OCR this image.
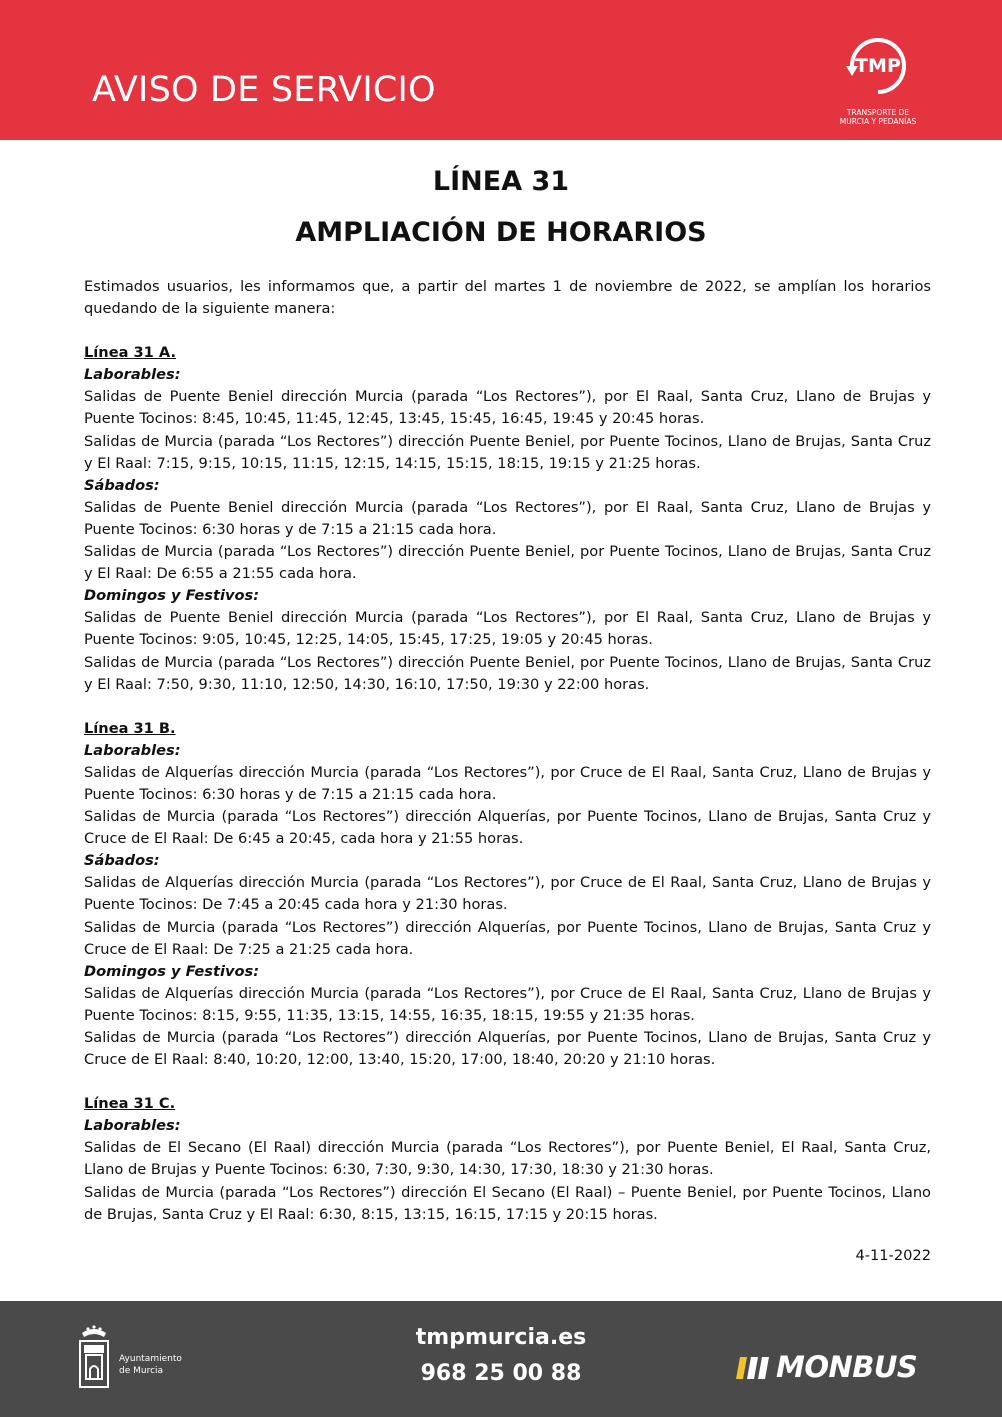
AVISO DE SERVICIO
TMP
TRANSPORTE DE
MURCIA Y PEDANÍAS
LÍNEA 31
AMPLIACIÓN DE HORARIOS

Estimados usuarios, les informamos que, a partir del martes 1 de noviembre de 2022, se amplían los horarios quedando de la siguiente manera:

Línea 31 A.

Laborables:

Salidas de Puente Beniel dirección Murcia (parada “Los Rectores”), por El Raal, Santa Cruz, Llano de Brujas y Puente Tocinos: 8:45, 10:45, 11:45, 12:45, 13:45, 15:45, 16:45, 19:45 y 20:45 horas.

Salidas de Murcia (parada “Los Rectores”) dirección Puente Beniel, por Puente Tocinos, Llano de Brujas, Santa Cruz y El Raal: 7:15, 9:15, 10:15, 11:15, 12:15, 14:15, 15:15, 18:15, 19:15 y 21:25 horas.

Sábados:

Salidas de Puente Beniel dirección Murcia (parada “Los Rectores”), por El Raal, Santa Cruz, Llano de Brujas y Puente Tocinos: 6:30 horas y de 7:15 a 21:15 cada hora.

Salidas de Murcia (parada “Los Rectores”) dirección Puente Beniel, por Puente Tocinos, Llano de Brujas, Santa Cruz y El Raal: De 6:55 a 21:55 cada hora.

Domingos y Festivos:

Salidas de Puente Beniel dirección Murcia (parada “Los Rectores”), por El Raal, Santa Cruz, Llano de Brujas y Puente Tocinos: 9:05, 10:45, 12:25, 14:05, 15:45, 17:25, 19:05 y 20:45 horas.

Salidas de Murcia (parada “Los Rectores”) dirección Puente Beniel, por Puente Tocinos, Llano de Brujas, Santa Cruz y El Raal: 7:50, 9:30, 11:10, 12:50, 14:30, 16:10, 17:50, 19:30 y 22:00 horas.

Línea 31 B.

Laborables:

Salidas de Alquerías dirección Murcia (parada “Los Rectores”), por Cruce de El Raal, Santa Cruz, Llano de Brujas y Puente Tocinos: 6:30 horas y de 7:15 a 21:15 cada hora.

Salidas de Murcia (parada “Los Rectores”) dirección Alquerías, por Puente Tocinos, Llano de Brujas, Santa Cruz y Cruce de El Raal: De 6:45 a 20:45, cada hora y 21:55 horas.

Sábados:

Salidas de Alquerías dirección Murcia (parada “Los Rectores”), por Cruce de El Raal, Santa Cruz, Llano de Brujas y Puente Tocinos: De 7:45 a 20:45 cada hora y 21:30 horas.

Salidas de Murcia (parada “Los Rectores”) dirección Alquerías, por Puente Tocinos, Llano de Brujas, Santa Cruz y Cruce de El Raal: De 7:25 a 21:25 cada hora.

Domingos y Festivos:

Salidas de Alquerías dirección Murcia (parada “Los Rectores”), por Cruce de El Raal, Santa Cruz, Llano de Brujas y Puente Tocinos: 8:15, 9:55, 11:35, 13:15, 14:55, 16:35, 18:15, 19:55 y 21:35 horas.

Salidas de Murcia (parada “Los Rectores”) dirección Alquerías, por Puente Tocinos, Llano de Brujas, Santa Cruz y Cruce de El Raal: 8:40, 10:20, 12:00, 13:40, 15:20, 17:00, 18:40, 20:20 y 21:10 horas.

Línea 31 C.

Laborables:

Salidas de El Secano (El Raal) dirección Murcia (parada “Los Rectores”), por Puente Beniel, El Raal, Santa Cruz, Llano de Brujas y Puente Tocinos: 6:30, 7:30, 9:30, 14:30, 17:30, 18:30 y 21:30 horas.

Salidas de Murcia (parada “Los Rectores”) dirección El Secano (El Raal) – Puente Beniel, por Puente Tocinos, Llano de Brujas, Santa Cruz y El Raal: 6:30, 8:15, 13:15, 16:15, 17:15 y 20:15 horas.

4-11-2022
Ayuntamiento
de Murcia
tmpmurcia.es
968 25 00 88	MONBUS
